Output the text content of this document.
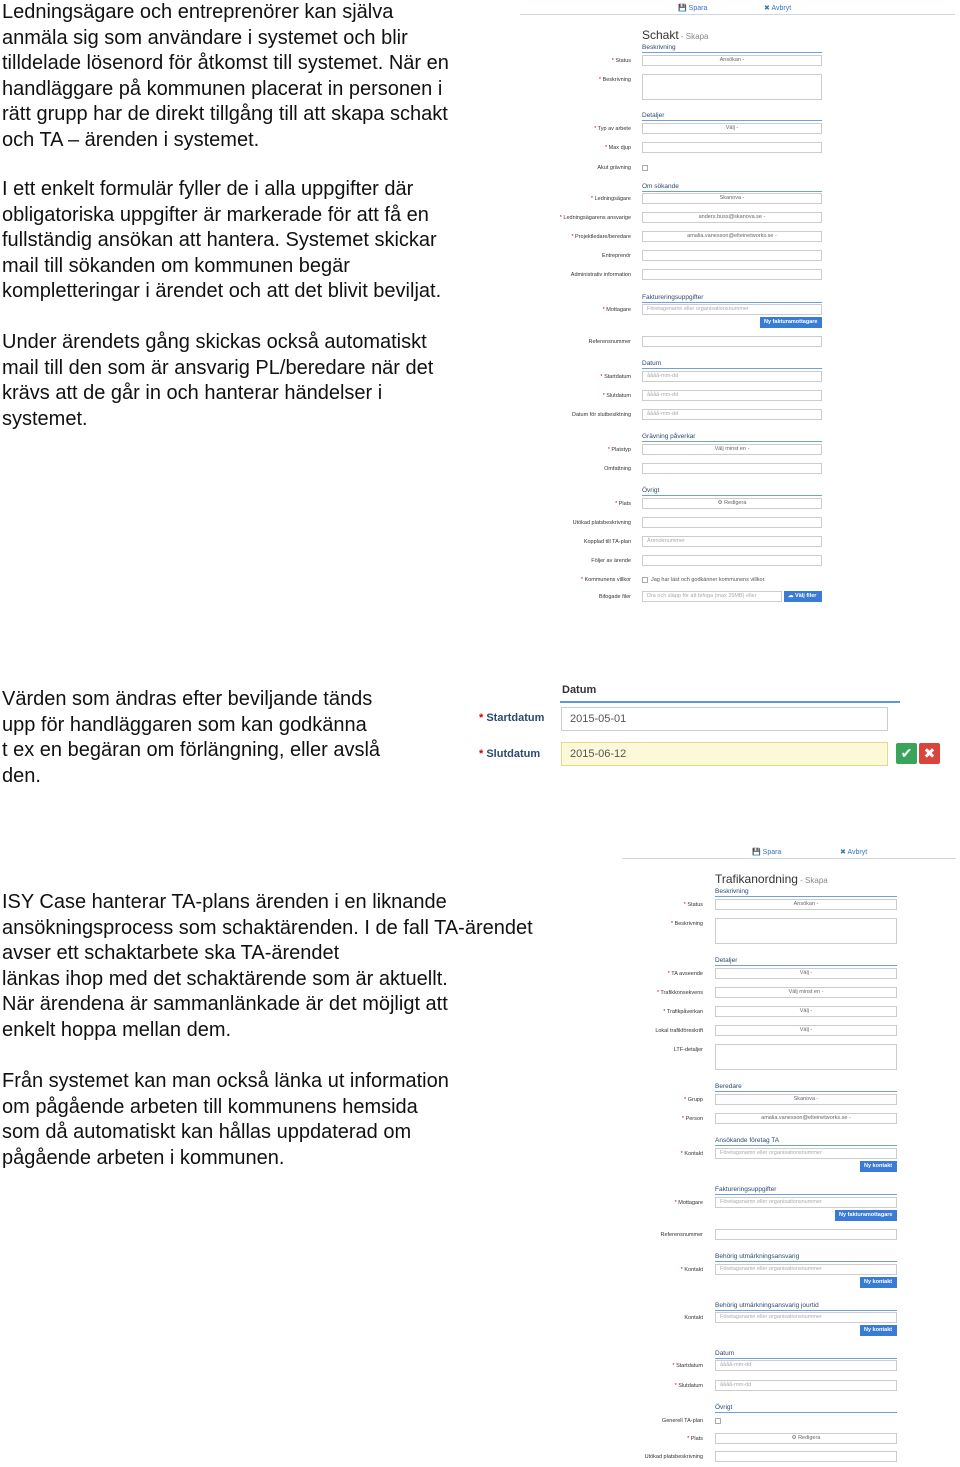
Ledningsägare och entreprenörer kan själva
anmäla sig som användare i systemet och blir
tilldelade lösenord för åtkomst till systemet. När en
handläggare på kommunen placerat in personen i
rätt grupp har de direkt tillgång till att skapa schakt
och TA – ärenden i systemet.
I ett enkelt formulär fyller de i alla uppgifter där
obligatoriska uppgifter är markerade för att få en
fullständig ansökan att hantera. Systemet skickar
mail till sökanden om kommunen begär
kompletteringar i ärendet och att det blivit beviljat.
Under ärendets gång skickas också automatiskt
mail till den som är ansvarig PL/beredare när det
krävs att de går in och hanterar händelser i
systemet.
Värden som ändras efter beviljande tänds
upp för handläggaren som kan godkänna
t ex en begäran om förlängning, eller avslå
den.
ISY Case hanterar TA-plans ärenden i en liknande
ansökningsprocess som schaktärenden. I de fall TA-ärendet
avser ett schaktarbete ska TA-ärendet
länkas ihop med det schaktärende som är aktuellt.
När ärendena är sammanlänkade är det möjligt att
enkelt hoppa mellan dem.
Från systemet kan man också länka ut information
om pågående arbeten till kommunens hemsida
som då automatiskt kan hållas uppdaterad om
pågående arbeten i kommunen.
💾 Spara	✖ Avbryt
Schakt - Skapa
Beskrivning
* Status	Ansökan -
* Beskrivning
Detaljer
* Typ av arbete	Välj -
* Max djup
Akut grävning
Om sökande
* Ledningsägare	Skanova -
* Ledningsägarens ansvarige	anders.buss@skanova.se -
* Projektledare/beredare	amalia.vanesson@elteinetworks.se -
Entreprenör
Administrativ information
Faktureringsuppgifter
* Mottagare	Företagsnamn eller organisationsnummer
Ny fakturamottagare
Referensnummer
Datum
* Startdatum	åååå-mm-dd
* Slutdatum	åååå-mm-dd
Datum för slutbesiktning	åååå-mm-dd
Grävning påverkar
* Platstyp	Välj minst en -
Omfattning
Övrigt
* Plats	⚙ Redigera
Utökad platsbeskrivning
Kopplad till TA-plan	Ärendenummer
Följer av ärende
* Kommunens villkor	Jag har läst och godkänner kommunens villkor.
Bifogade filer	Dra och släpp för att bifoga (max 25MB) eller	☁ Välj filer
Datum
* Startdatum	2015-05-01
* Slutdatum	2015-06-12	✔ ✖
💾 Spara	✖ Avbryt
Trafikanordning - Skapa
Beskrivning
* Status	Ansökan -
* Beskrivning
Detaljer
* TA avseende	Välj -
* Trafikkonsekvens	Välj minst en -
* Trafikpåverkan	Välj -
Lokal trafikföreskrift	Välj -
LTF-detaljer
Beredare
* Grupp	Skanova -
* Person	amalia.vanesson@elteinetworks.se -
Ansökande företag TA
* Kontakt	Företagsnamn eller organisationsnummer
Ny kontakt
Faktureringsuppgifter
* Mottagare	Företagsnamn eller organisationsnummer
Ny fakturamottagare
Referensnummer
Behörig utmärkningsansvarig
* Kontakt	Företagsnamn eller organisationsnummer
Ny kontakt
Behörig utmärkningsansvarig jourtid
Kontakt	Företagsnamn eller organisationsnummer
Ny kontakt
Datum
* Startdatum	åååå-mm-dd
* Slutdatum	åååå-mm-dd
Övrigt
Generell TA-plan
* Plats	⚙ Redigera
Utökad platsbeskrivning
